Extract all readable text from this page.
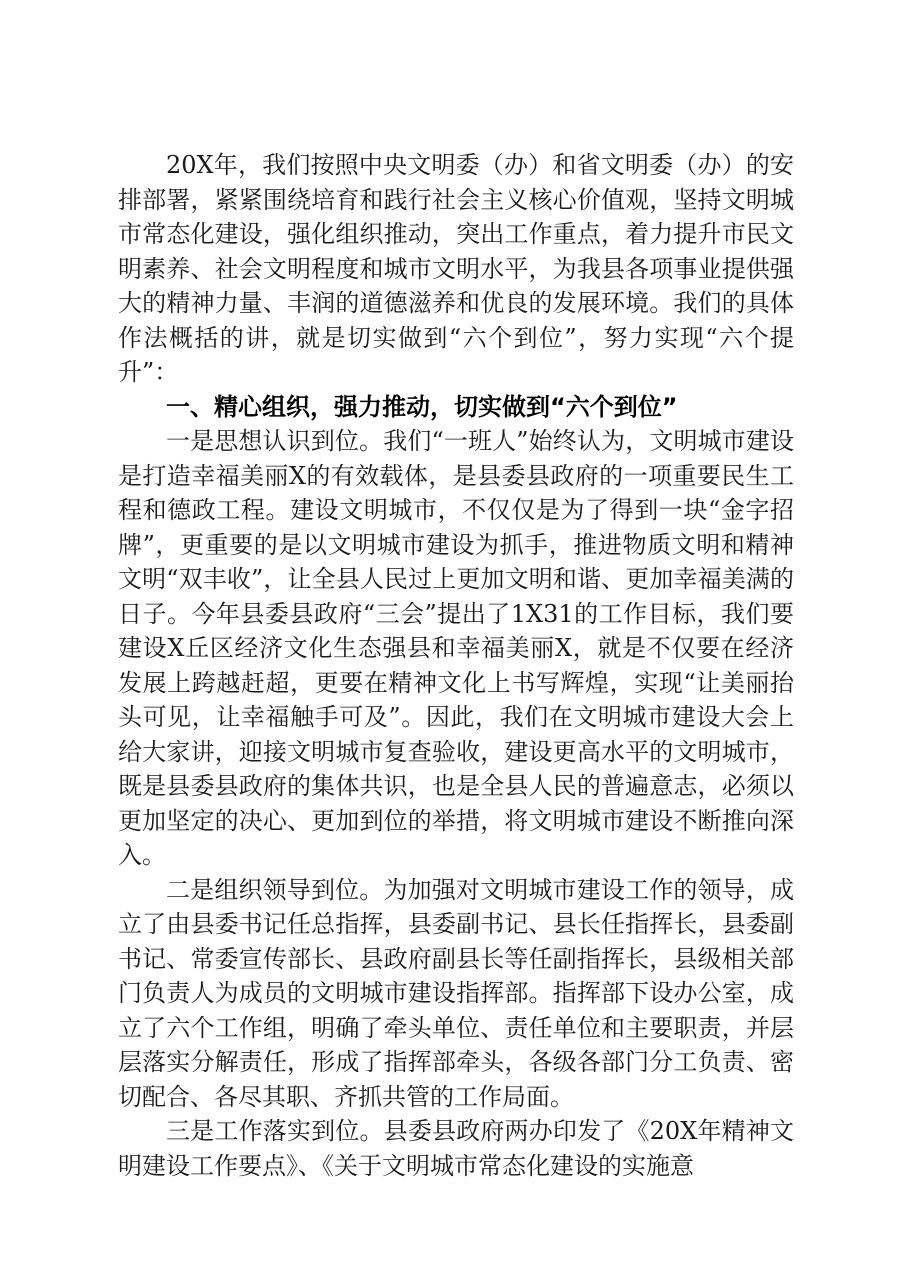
20X年，我们按照中央文明委（办）和省文明委（办）的安排部署，紧紧围绕培育和践行社会主义核心价值观，坚持文明城市常态化建设，强化组织推动，突出工作重点，着力提升市民文明素养、社会文明程度和城市文明水平，为我县各项事业提供强大的精神力量、丰润的道德滋养和优良的发展环境。我们的具体作法概括的讲，就是切实做到“六个到位”，努力实现“六个提升”：

一、精心组织，强力推动，切实做到“六个到位”

一是思想认识到位。我们“一班人”始终认为，文明城市建设是打造幸福美丽X的有效载体，是县委县政府的一项重要民生工程和德政工程。建设文明城市，不仅仅是为了得到一块“金字招牌”，更重要的是以文明城市建设为抓手，推进物质文明和精神文明“双丰收”，让全县人民过上更加文明和谐、更加幸福美满的日子。今年县委县政府“三会”提出了1X31的工作目标，我们要建设X丘区经济文化生态强县和幸福美丽X，就是不仅要在经济发展上跨越赶超，更要在精神文化上书写辉煌，实现“让美丽抬头可见，让幸福触手可及”。因此，我们在文明城市建设大会上给大家讲，迎接文明城市复查验收，建设更高水平的文明城市，既是县委县政府的集体共识，也是全县人民的普遍意志，必须以更加坚定的决心、更加到位的举措，将文明城市建设不断推向深入。

二是组织领导到位。为加强对文明城市建设工作的领导，成立了由县委书记任总指挥，县委副书记、县长任指挥长，县委副书记、常委宣传部长、县政府副县长等任副指挥长，县级相关部门负责人为成员的文明城市建设指挥部。指挥部下设办公室，成立了六个工作组，明确了牵头单位、责任单位和主要职责，并层层落实分解责任，形成了指挥部牵头，各级各部门分工负责、密切配合、各尽其职、齐抓共管的工作局面。

三是工作落实到位。县委县政府两办印发了《20X年精神文明建设工作要点》、《关于文明城市常态化建设的实施意
